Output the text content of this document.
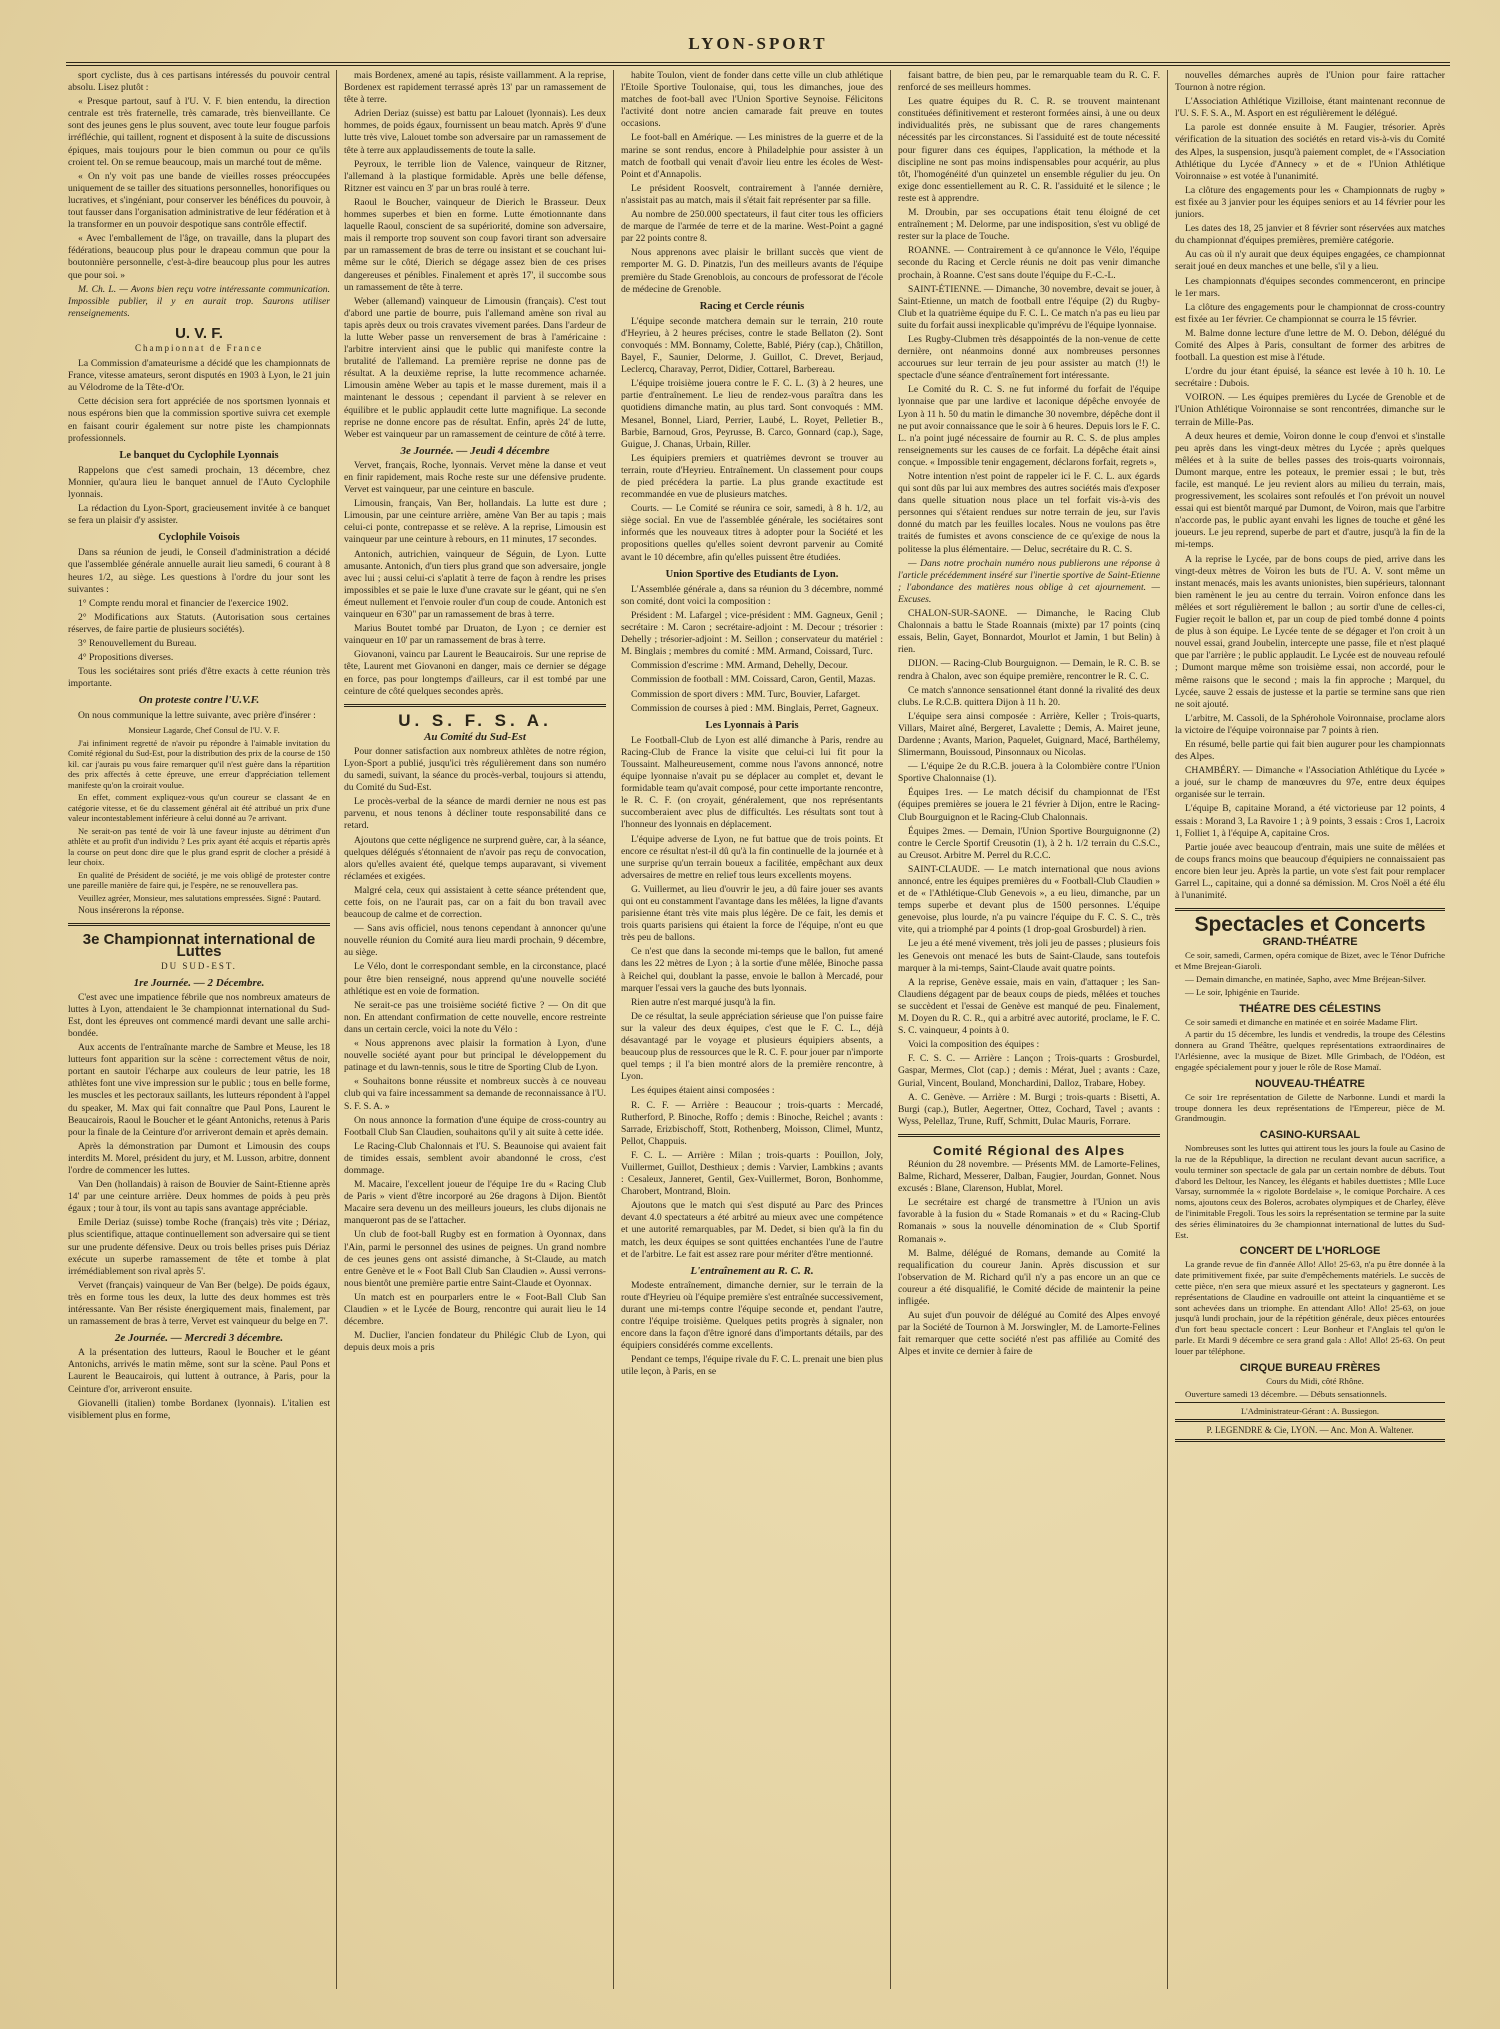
LYON-SPORT

sport cycliste, dus à ces partisans intéressés du pouvoir central absolu. Lisez plutôt :

« Presque partout, sauf à l'U. V. F. bien entendu, la direction centrale est très fraternelle, très camarade, très bienveillante. Ce sont des jeunes gens le plus souvent, avec toute leur fougue parfois irréfléchie, qui taillent, rognent et disposent à la suite de discussions épiques, mais toujours pour le bien commun ou pour ce qu'ils croient tel. On se remue beaucoup, mais un marché tout de même.

« On n'y voit pas une bande de vieilles rosses préoccupées uniquement de se tailler des situations personnelles, honorifiques ou lucratives, et s'ingéniant, pour conserver les bénéfices du pouvoir, à tout fausser dans l'organisation administrative de leur fédération et à la transformer en un pouvoir despotique sans contrôle effectif.

« Avec l'emballement de l'âge, on travaille, dans la plupart des fédérations, beaucoup plus pour le drapeau commun que pour la boutonnière personnelle, c'est-à-dire beaucoup plus pour les autres que pour soi. »

M. Ch. L. — Avons bien reçu votre intéressante communication. Impossible publier, il y en aurait trop. Saurons utiliser renseignements.

U. V. F.
Championnat de France

La Commission d'amateurisme a décidé que les championnats de France, vitesse amateurs, seront disputés en 1903 à Lyon, le 21 juin au Vélodrome de la Tête-d'Or.

Cette décision sera fort appréciée de nos sportsmen lyonnais et nous espérons bien que la commission sportive suivra cet exemple en faisant courir également sur notre piste les championnats professionnels.

Le banquet du Cyclophile Lyonnais

Rappelons que c'est samedi prochain, 13 décembre, chez Monnier, qu'aura lieu le banquet annuel de l'Auto Cyclophile lyonnais.

La rédaction du Lyon-Sport, gracieusement invitée à ce banquet se fera un plaisir d'y assister.

Cyclophile Voisois

Dans sa réunion de jeudi, le Conseil d'administration a décidé que l'assemblée générale annuelle aurait lieu samedi, 6 courant à 8 heures 1/2, au siège. Les questions à l'ordre du jour sont les suivantes :

1° Compte rendu moral et financier de l'exercice 1902.

2° Modifications aux Statuts. (Autorisation sous certaines réserves, de faire partie de plusieurs sociétés).

3° Renouvellement du Bureau.

4° Propositions diverses.

Tous les sociétaires sont priés d'être exacts à cette réunion très importante.

On proteste contre l'U.V.F.

On nous communique la lettre suivante, avec prière d'insérer :

Monsieur Lagarde, Chef Consul de l'U. V. F.

J'ai infiniment regretté de n'avoir pu répondre à l'aimable invitation du Comité régional du Sud-Est, pour la distribution des prix de la course de 150 kil. car j'aurais pu vous faire remarquer qu'il n'est guère dans la répartition des prix affectés à cette épreuve, une erreur d'appréciation tellement manifeste qu'on la croirait voulue.

En effet, comment expliquez-vous qu'un coureur se classant 4e en catégorie vitesse, et 6e du classement général ait été attribué un prix d'une valeur incontestablement inférieure à celui donné au 7e arrivant.

Ne serait-on pas tenté de voir là une faveur injuste au détriment d'un athlète et au profit d'un individu ? Les prix ayant été acquis et répartis après la course on peut donc dire que le plus grand esprit de clocher a présidé à leur choix.

En qualité de Président de société, je me vois obligé de protester contre une pareille manière de faire qui, je l'espère, ne se renouvellera pas.

Veuillez agréer, Monsieur, mes salutations empressées. Signé : Pautard.

Nous insérerons la réponse.

3e Championnat international de Luttes
DU SUD-EST.
1re Journée. — 2 Décembre.

C'est avec une impatience fébrile que nos nombreux amateurs de luttes à Lyon, attendaient le 3e championnat international du Sud-Est, dont les épreuves ont commencé mardi devant une salle archi-bondée.

Aux accents de l'entraînante marche de Sambre et Meuse, les 18 lutteurs font apparition sur la scène : correctement vêtus de noir, portant en sautoir l'écharpe aux couleurs de leur patrie, les 18 athlètes font une vive impression sur le public ; tous en belle forme, les muscles et les pectoraux saillants, les lutteurs répondent à l'appel du speaker, M. Max qui fait connaître que Paul Pons, Laurent le Beaucairois, Raoul le Boucher et le géant Antonichs, retenus à Paris pour la finale de la Ceinture d'or arriveront demain et après demain.

Après la démonstration par Dumont et Limousin des coups interdits M. Morel, président du jury, et M. Lusson, arbitre, donnent l'ordre de commencer les luttes.

Van Den (hollandais) à raison de Bouvier de Saint-Etienne après 14' par une ceinture arrière. Deux hommes de poids à peu près égaux ; tour à tour, ils vont au tapis sans avantage appréciable.

Emile Deriaz (suisse) tombe Roche (français) très vite ; Dériaz, plus scientifique, attaque continuellement son adversaire qui se tient sur une prudente défensive. Deux ou trois belles prises puis Dériaz exécute un superbe ramassement de tête et tombe à plat irrémédiablement son rival après 5'.

Vervet (français) vainqueur de Van Ber (belge). De poids égaux, très en forme tous les deux, la lutte des deux hommes est très intéressante. Van Ber résiste énergiquement mais, finalement, par un ramassement de bras à terre, Vervet est vainqueur du belge en 7'.

2e Journée. — Mercredi 3 décembre.

A la présentation des lutteurs, Raoul le Boucher et le géant Antonichs, arrivés le matin même, sont sur la scène. Paul Pons et Laurent le Beaucairois, qui luttent à outrance, à Paris, pour la Ceinture d'or, arriveront ensuite.

Giovanelli (italien) tombe Bordanex (lyonnais). L'italien est visiblement plus en forme,

mais Bordenex, amené au tapis, résiste vaillamment. A la reprise, Bordenex est rapidement terrassé après 13' par un ramassement de tête à terre.

Adrien Deriaz (suisse) est battu par Lalouet (lyonnais). Les deux hommes, de poids égaux, fournissent un beau match. Après 9' d'une lutte très vive, Lalouet tombe son adversaire par un ramassement de tête à terre aux applaudissements de toute la salle.

Peyroux, le terrible lion de Valence, vainqueur de Ritzner, l'allemand à la plastique formidable. Après une belle défense, Ritzner est vaincu en 3' par un bras roulé à terre.

Raoul le Boucher, vainqueur de Dierich le Brasseur. Deux hommes superbes et bien en forme. Lutte émotionnante dans laquelle Raoul, conscient de sa supériorité, domine son adversaire, mais il remporte trop souvent son coup favori tirant son adversaire par un ramassement de bras de terre ou insistant et se couchant lui-même sur le côté, Dierich se dégage assez bien de ces prises dangereuses et pénibles. Finalement et après 17', il succombe sous un ramassement de tête à terre.

Weber (allemand) vainqueur de Limousin (français). C'est tout d'abord une partie de bourre, puis l'allemand amène son rival au tapis après deux ou trois cravates vivement parées. Dans l'ardeur de la lutte Weber passe un renversement de bras à l'américaine : l'arbitre intervient ainsi que le public qui manifeste contre la brutalité de l'allemand. La première reprise ne donne pas de résultat. A la deuxième reprise, la lutte recommence acharnée. Limousin amène Weber au tapis et le masse durement, mais il a maintenant le dessous ; cependant il parvient à se relever en équilibre et le public applaudit cette lutte magnifique. La seconde reprise ne donne encore pas de résultat. Enfin, après 24' de lutte, Weber est vainqueur par un ramassement de ceinture de côté à terre.

3e Journée. — Jeudi 4 décembre

Vervet, français, Roche, lyonnais. Vervet mène la danse et veut en finir rapidement, mais Roche reste sur une défensive prudente. Vervet est vainqueur, par une ceinture en bascule.

Limousin, français, Van Ber, hollandais. La lutte est dure ; Limousin, par une ceinture arrière, amène Van Ber au tapis ; mais celui-ci ponte, contrepasse et se relève. A la reprise, Limousin est vainqueur par une ceinture à rebours, en 11 minutes, 17 secondes.

Antonich, autrichien, vainqueur de Séguin, de Lyon. Lutte amusante. Antonich, d'un tiers plus grand que son adversaire, jongle avec lui ; aussi celui-ci s'aplatit à terre de façon à rendre les prises impossibles et se paie le luxe d'une cravate sur le géant, qui ne s'en émeut nullement et l'envoie rouler d'un coup de coude. Antonich est vainqueur en 6'30" par un ramassement de bras à terre.

Marius Boutet tombé par Druaton, de Lyon ; ce dernier est vainqueur en 10' par un ramassement de bras à terre.

Giovanoni, vaincu par Laurent le Beaucairois. Sur une reprise de tête, Laurent met Giovanoni en danger, mais ce dernier se dégage en force, pas pour longtemps d'ailleurs, car il est tombé par une ceinture de côté quelques secondes après.

U. S. F. S. A.
Au Comité du Sud-Est

Pour donner satisfaction aux nombreux athlètes de notre région, Lyon-Sport a publié, jusqu'ici très régulièrement dans son numéro du samedi, suivant, la séance du procès-verbal, toujours si attendu, du Comité du Sud-Est.

Le procès-verbal de la séance de mardi dernier ne nous est pas parvenu, et nous tenons à décliner toute responsabilité dans ce retard.

Ajoutons que cette négligence ne surprend guère, car, à la séance, quelques délégués s'étonnaient de n'avoir pas reçu de convocation, alors qu'elles avaient été, quelque temps auparavant, si vivement réclamées et exigées.

Malgré cela, ceux qui assistaient à cette séance prétendent que, cette fois, on ne l'aurait pas, car on a fait du bon travail avec beaucoup de calme et de correction.

— Sans avis officiel, nous tenons cependant à annoncer qu'une nouvelle réunion du Comité aura lieu mardi prochain, 9 décembre, au siège.

Le Vélo, dont le correspondant semble, en la circonstance, placé pour être bien renseigné, nous apprend qu'une nouvelle société athlétique est en voie de formation.

Ne serait-ce pas une troisième société fictive ? — On dit que non. En attendant confirmation de cette nouvelle, encore restreinte dans un certain cercle, voici la note du Vélo :

« Nous apprenons avec plaisir la formation à Lyon, d'une nouvelle société ayant pour but principal le développement du patinage et du lawn-tennis, sous le titre de Sporting Club de Lyon.

« Souhaitons bonne réussite et nombreux succès à ce nouveau club qui va faire incessamment sa demande de reconnaissance à l'U. S. F. S. A. »

On nous annonce la formation d'une équipe de cross-country au Football Club San Claudien, souhaitons qu'il y ait suite à cette idée.

Le Racing-Club Chalonnais et l'U. S. Beaunoise qui avaient fait de timides essais, semblent avoir abandonné le cross, c'est dommage.

M. Macaire, l'excellent joueur de l'équipe 1re du « Racing Club de Paris » vient d'être incorporé au 26e dragons à Dijon. Bientôt Macaire sera devenu un des meilleurs joueurs, les clubs dijonais ne manqueront pas de se l'attacher.

Un club de foot-ball Rugby est en formation à Oyonnax, dans l'Ain, parmi le personnel des usines de peignes. Un grand nombre de ces jeunes gens ont assisté dimanche, à St-Claude, au match entre Genève et le « Foot Ball Club San Claudien ». Aussi verrons-nous bientôt une première partie entre Saint-Claude et Oyonnax.

Un match est en pourparlers entre le « Foot-Ball Club San Claudien » et le Lycée de Bourg, rencontre qui aurait lieu le 14 décembre.

M. Duclier, l'ancien fondateur du Philégic Club de Lyon, qui depuis deux mois a pris

habite Toulon, vient de fonder dans cette ville un club athlétique l'Etoile Sportive Toulonaise, qui, tous les dimanches, joue des matches de foot-ball avec l'Union Sportive Seynoise. Félicitons l'activité dont notre ancien camarade fait preuve en toutes occasions.

Le foot-ball en Amérique. — Les ministres de la guerre et de la marine se sont rendus, encore à Philadelphie pour assister à un match de football qui venait d'avoir lieu entre les écoles de West-Point et d'Annapolis.

Le président Roosvelt, contrairement à l'année dernière, n'assistait pas au match, mais il s'était fait représenter par sa fille.

Au nombre de 250.000 spectateurs, il faut citer tous les officiers de marque de l'armée de terre et de la marine. West-Point a gagné par 22 points contre 8.

Nous apprenons avec plaisir le brillant succès que vient de remporter M. G. D. Pinatzis, l'un des meilleurs avants de l'équipe première du Stade Grenoblois, au concours de professorat de l'école de médecine de Grenoble.

Racing et Cercle réunis

L'équipe seconde matchera demain sur le terrain, 210 route d'Heyrieu, à 2 heures précises, contre le stade Bellaton (2). Sont convoqués : MM. Bonnamy, Colette, Bablé, Piéry (cap.), Châtillon, Bayel, F., Saunier, Delorme, J. Guillot, C. Drevet, Berjaud, Leclercq, Charavay, Perrot, Didier, Cottarel, Barbereau.

L'équipe troisième jouera contre le F. C. L. (3) à 2 heures, une partie d'entraînement. Le lieu de rendez-vous paraîtra dans les quotidiens dimanche matin, au plus tard. Sont convoqués : MM. Mesanel, Bonnel, Liard, Perrier, Laubé, L. Royet, Pelletier B., Barbie, Barnoud, Gros, Peyrusse, B. Carco, Gonnard (cap.), Sage, Guigue, J. Chanas, Urbain, Riller.

Les équipiers premiers et quatrièmes devront se trouver au terrain, route d'Heyrieu. Entraînement. Un classement pour coups de pied précédera la partie. La plus grande exactitude est recommandée en vue de plusieurs matches.

Courts. — Le Comité se réunira ce soir, samedi, à 8 h. 1/2, au siège social. En vue de l'assemblée générale, les sociétaires sont informés que les nouveaux titres à adopter pour la Société et les propositions quelles qu'elles soient devront parvenir au Comité avant le 10 décembre, afin qu'elles puissent être étudiées.

Union Sportive des Etudiants de Lyon.

L'Assemblée générale a, dans sa réunion du 3 décembre, nommé son comité, dont voici la composition :

Président : M. Lafargel ; vice-président : MM. Gagneux, Genil ; secrétaire : M. Caron ; secrétaire-adjoint : M. Decour ; trésorier : Dehelly ; trésorier-adjoint : M. Seillon ; conservateur du matériel : M. Binglais ; membres du comité : MM. Armand, Coissard, Turc.

Commission d'escrime : MM. Armand, Dehelly, Decour.

Commission de football : MM. Coissard, Caron, Gentil, Mazas.

Commission de sport divers : MM. Turc, Bouvier, Lafarget.

Commission de courses à pied : MM. Binglais, Perret, Gagneux.

Les Lyonnais à Paris

Le Football-Club de Lyon est allé dimanche à Paris, rendre au Racing-Club de France la visite que celui-ci lui fit pour la Toussaint. Malheureusement, comme nous l'avons annoncé, notre équipe lyonnaise n'avait pu se déplacer au complet et, devant le formidable team qu'avait composé, pour cette importante rencontre, le R. C. F. (on croyait, généralement, que nos représentants succomberaient avec plus de difficultés. Les résultats sont tout à l'honneur des lyonnais en déplacement.

L'équipe adverse de Lyon, ne fut battue que de trois points. Et encore ce résultat n'est-il dû qu'à la fin continuelle de la journée et à une surprise qu'un terrain boueux a facilitée, empêchant aux deux adversaires de mettre en relief tous leurs excellents moyens.

G. Vuillermet, au lieu d'ouvrir le jeu, a dû faire jouer ses avants qui ont eu constamment l'avantage dans les mêlées, la ligne d'avants parisienne étant très vite mais plus légère. De ce fait, les demis et trois quarts parisiens qui étaient la force de l'équipe, n'ont eu que très peu de ballons.

Ce n'est que dans la seconde mi-temps que le ballon, fut amené dans les 22 mètres de Lyon ; à la sortie d'une mêlée, Binoche passa à Reichel qui, doublant la passe, envoie le ballon à Mercadé, pour marquer l'essai vers la gauche des buts lyonnais.

Rien autre n'est marqué jusqu'à la fin.

De ce résultat, la seule appréciation sérieuse que l'on puisse faire sur la valeur des deux équipes, c'est que le F. C. L., déjà désavantagé par le voyage et plusieurs équipiers absents, a beaucoup plus de ressources que le R. C. F. pour jouer par n'importe quel temps ; il l'a bien montré alors de la première rencontre, à Lyon.

Les équipes étaient ainsi composées :

R. C. F. — Arrière : Beaucour ; trois-quarts : Mercadé, Rutherford, P. Binoche, Roffo ; demis : Binoche, Reichel ; avants : Sarrade, Erizbischoff, Stott, Rothenberg, Moisson, Climel, Muntz, Pellot, Chappuis.

F. C. L. — Arrière : Milan ; trois-quarts : Pouillon, Joly, Vuillermet, Guillot, Desthieux ; demis : Varvier, Lambkins ; avants : Cesaleux, Janneret, Gentil, Gex-Vuillermet, Boron, Bonhomme, Charobert, Montrand, Bloin.

Ajoutons que le match qui s'est disputé au Parc des Princes devant 4.0 spectateurs a été arbitré au mieux avec une compétence et une autorité remarquables, par M. Dedet, si bien qu'à la fin du match, les deux équipes se sont quittées enchantées l'une de l'autre et de l'arbitre. Le fait est assez rare pour mériter d'être mentionné.

L'entraînement au R. C. R.

Modeste entraînement, dimanche dernier, sur le terrain de la route d'Heyrieu où l'équipe première s'est entraînée successivement, durant une mi-temps contre l'équipe seconde et, pendant l'autre, contre l'équipe troisième. Quelques petits progrès à signaler, non encore dans la façon d'être ignoré dans d'importants détails, par des équipiers considérés comme excellents.

Pendant ce temps, l'équipe rivale du F. C. L. prenait une bien plus utile leçon, à Paris, en se

faisant battre, de bien peu, par le remarquable team du R. C. F. renforcé de ses meilleurs hommes.

Les quatre équipes du R. C. R. se trouvent maintenant constituées définitivement et resteront formées ainsi, à une ou deux individualités près, ne subissant que de rares changements nécessités par les circonstances. Si l'assiduité est de toute nécessité pour figurer dans ces équipes, l'application, la méthode et la discipline ne sont pas moins indispensables pour acquérir, au plus tôt, l'homogénéité d'un quinzetel un ensemble régulier du jeu. On exige donc essentiellement au R. C. R. l'assiduité et le silence ; le reste est à apprendre.

M. Droubin, par ses occupations était tenu éloigné de cet entraînement ; M. Delorme, par une indisposition, s'est vu obligé de rester sur la place de Touche.

ROANNE. — Contrairement à ce qu'annonce le Vélo, l'équipe seconde du Racing et Cercle réunis ne doit pas venir dimanche prochain, à Roanne. C'est sans doute l'équipe du F.-C.-L.

SAINT-ÉTIENNE. — Dimanche, 30 novembre, devait se jouer, à Saint-Etienne, un match de football entre l'équipe (2) du Rugby-Club et la quatrième équipe du F. C. L. Ce match n'a pas eu lieu par suite du forfait aussi inexplicable qu'imprévu de l'équipe lyonnaise.

Les Rugby-Clubmen très désappointés de la non-venue de cette dernière, ont néanmoins donné aux nombreuses personnes accourues sur leur terrain de jeu pour assister au match (!!) le spectacle d'une séance d'entraînement fort intéressante.

Le Comité du R. C. S. ne fut informé du forfait de l'équipe lyonnaise que par une lardive et laconique dépêche envoyée de Lyon à 11 h. 50 du matin le dimanche 30 novembre, dépêche dont il ne put avoir connaissance que le soir à 6 heures. Depuis lors le F. C. L. n'a point jugé nécessaire de fournir au R. C. S. de plus amples renseignements sur les causes de ce forfait. La dépêche était ainsi conçue. « Impossible tenir engagement, déclarons forfait, regrets »,

Notre intention n'est point de rappeler ici le F. C. L. aux égards qui sont dûs par lui aux membres des autres sociétés mais d'exposer dans quelle situation nous place un tel forfait vis-à-vis des personnes qui s'étaient rendues sur notre terrain de jeu, sur l'avis donné du match par les feuilles locales. Nous ne voulons pas être traités de fumistes et avons conscience de ce qu'exige de nous la politesse la plus élémentaire. — Deluc, secrétaire du R. C. S.

— Dans notre prochain numéro nous publierons une réponse à l'article précédemment inséré sur l'inertie sportive de Saint-Etienne ; l'abondance des matières nous oblige à cet ajournement. — Excuses.

CHALON-SUR-SAONE. — Dimanche, le Racing Club Chalonnais a battu le Stade Roannais (mixte) par 17 points (cinq essais, Belin, Gayet, Bonnardot, Mourlot et Jamin, 1 but Belin) à rien.

DIJON. — Racing-Club Bourguignon. — Demain, le R. C. B. se rendra à Chalon, avec son équipe première, rencontrer le R. C. C.

Ce match s'annonce sensationnel étant donné la rivalité des deux clubs. Le R.C.B. quittera Dijon à 11 h. 20.

L'équipe sera ainsi composée : Arrière, Keller ; Trois-quarts, Villars, Mairet aîné, Bergeret, Lavalette ; Demis, A. Mairet jeune, Dardenne ; Avants, Marion, Paquelet, Guignard, Macé, Barthélemy, Slimermann, Bouissoud, Pinsonnaux ou Nicolas.

— L'équipe 2e du R.C.B. jouera à la Colombière contre l'Union Sportive Chalonnaise (1).

Équipes 1res. — Le match décisif du championnat de l'Est (équipes premières se jouera le 21 février à Dijon, entre le Racing-Club Bourguignon et le Racing-Club Chalonnais.

Équipes 2mes. — Demain, l'Union Sportive Bourguignonne (2) contre le Cercle Sportif Creusotin (1), à 2 h. 1/2 terrain du C.S.C., au Creusot. Arbitre M. Perrel du R.C.C.

SAINT-CLAUDE. — Le match international que nous avions annoncé, entre les équipes premières du « Football-Club Claudien » et de « l'Athlétique-Club Genevois », a eu lieu, dimanche, par un temps superbe et devant plus de 1500 personnes. L'équipe genevoise, plus lourde, n'a pu vaincre l'équipe du F. C. S. C., très vite, qui a triomphé par 4 points (1 drop-goal Grosburdel) à rien.

Le jeu a été mené vivement, très joli jeu de passes ; plusieurs fois les Genevois ont menacé les buts de Saint-Claude, sans toutefois marquer à la mi-temps, Saint-Claude avait quatre points.

A la reprise, Genève essaie, mais en vain, d'attaquer ; les San-Claudiens dégagent par de beaux coups de pieds, mêlées et touches se succèdent et l'essai de Genève est manqué de peu. Finalement, M. Doyen du R. C. R., qui a arbitré avec autorité, proclame, le F. C. S. C. vainqueur, 4 points à 0.

Voici la composition des équipes :

F. C. S. C. — Arrière : Lançon ; Trois-quarts : Grosburdel, Gaspar, Mermes, Clot (cap.) ; demis : Mérat, Juel ; avants : Caze, Gurial, Vincent, Bouland, Monchardini, Dalloz, Trabare, Hobey.

A. C. Genève. — Arrière : M. Burgi ; trois-quarts : Bisetti, A. Burgi (cap.), Butler, Aegertner, Ottez, Cochard, Tavel ; avants : Wyss, Pelellaz, Trune, Ruff, Schmitt, Dulac Mauris, Forrare.

Comité Régional des Alpes

Réunion du 28 novembre. — Présents MM. de Lamorte-Felines, Balme, Richard, Messerer, Dalban, Faugier, Jourdan, Gonnet. Nous excusés : Blane, Clarenson, Hublat, Morel.

Le secrétaire est chargé de transmettre à l'Union un avis favorable à la fusion du « Stade Romanais » et du « Racing-Club Romanais » sous la nouvelle dénomination de « Club Sportif Romanais ».

M. Balme, délégué de Romans, demande au Comité la requalification du coureur Janin. Après discussion et sur l'observation de M. Richard qu'il n'y a pas encore un an que ce coureur a été disqualifié, le Comité décide de maintenir la peine infligée.

Au sujet d'un pouvoir de délégué au Comité des Alpes envoyé par la Société de Tournon à M. Jorswingler, M. de Lamorte-Felines fait remarquer que cette société n'est pas affiliée au Comité des Alpes et invite ce dernier à faire de

nouvelles démarches auprès de l'Union pour faire rattacher Tournon à notre région.

L'Association Athlétique Vizilloise, étant maintenant reconnue de l'U. S. F. S. A., M. Asport en est régulièrement le délégué.

La parole est donnée ensuite à M. Faugier, trésorier. Après vérification de la situation des sociétés en retard vis-à-vis du Comité des Alpes, la suspension, jusqu'à paiement complet, de « l'Association Athlétique du Lycée d'Annecy » et de « l'Union Athlétique Voironnaise » est votée à l'unanimité.

La clôture des engagements pour les « Championnats de rugby » est fixée au 3 janvier pour les équipes seniors et au 14 février pour les juniors.

Les dates des 18, 25 janvier et 8 février sont réservées aux matches du championnat d'équipes premières, première catégorie.

Au cas où il n'y aurait que deux équipes engagées, ce championnat serait joué en deux manches et une belle, s'il y a lieu.

Les championnats d'équipes secondes commenceront, en principe le 1er mars.

La clôture des engagements pour le championnat de cross-country est fixée au 1er février. Ce championnat se courra le 15 février.

M. Balme donne lecture d'une lettre de M. O. Debon, délégué du Comité des Alpes à Paris, consultant de former des arbitres de football. La question est mise à l'étude.

L'ordre du jour étant épuisé, la séance est levée à 10 h. 10. Le secrétaire : Dubois.

VOIRON. — Les équipes premières du Lycée de Grenoble et de l'Union Athlétique Voironnaise se sont rencontrées, dimanche sur le terrain de Mille-Pas.

A deux heures et demie, Voiron donne le coup d'envoi et s'installe peu après dans les vingt-deux mètres du Lycée ; après quelques mêlées et à la suite de belles passes des trois-quarts voironnais, Dumont marque, entre les poteaux, le premier essai ; le but, très facile, est manqué. Le jeu revient alors au milieu du terrain, mais, progressivement, les scolaires sont refoulés et l'on prévoit un nouvel essai qui est bientôt marqué par Dumont, de Voiron, mais que l'arbitre n'accorde pas, le public ayant envahi les lignes de touche et gêné les joueurs. Le jeu reprend, superbe de part et d'autre, jusqu'à la fin de la mi-temps.

A la reprise le Lycée, par de bons coups de pied, arrive dans les vingt-deux mètres de Voiron les buts de l'U. A. V. sont même un instant menacés, mais les avants unionistes, bien supérieurs, talonnant bien ramènent le jeu au centre du terrain. Voiron enfonce dans les mêlées et sort régulièrement le ballon ; au sortir d'une de celles-ci, Fugier reçoit le ballon et, par un coup de pied tombé donne 4 points de plus à son équipe. Le Lycée tente de se dégager et l'on croit à un nouvel essai, grand Joubelin, intercepte une passe, file et n'est plaqué que par l'arrière ; le public applaudit. Le Lycée est de nouveau refoulé ; Dumont marque même son troisième essai, non accordé, pour le même raisons que le second ; mais la fin approche ; Marquel, du Lycée, sauve 2 essais de justesse et la partie se termine sans que rien ne soit ajouté.

L'arbitre, M. Cassoli, de la Sphérohole Voironnaise, proclame alors la victoire de l'équipe voironnaise par 7 points à rien.

En résumé, belle partie qui fait bien augurer pour les championnats des Alpes.

CHAMBÉRY. — Dimanche « l'Association Athlétique du Lycée » a joué, sur le champ de manœuvres du 97e, entre deux équipes organisée sur le terrain.

L'équipe B, capitaine Morand, a été victorieuse par 12 points, 4 essais : Morand 3, La Ravoire 1 ; à 9 points, 3 essais : Cros 1, Lacroix 1, Folliet 1, à l'équipe A, capitaine Cros.

Partie jouée avec beaucoup d'entrain, mais une suite de mêlées et de coups francs moins que beaucoup d'équipiers ne connaissaient pas encore bien leur jeu. Après la partie, un vote s'est fait pour remplacer Garrel L., capitaine, qui a donné sa démission. M. Cros Noël a été élu à l'unanimité.

Spectacles et Concerts
GRAND-THÉATRE

Ce soir, samedi, Carmen, opéra comique de Bizet, avec le Ténor Dufriche et Mme Brejean-Giaroli.

— Demain dimanche, en matinée, Sapho, avec Mme Bréjean-Silver.

— Le soir, Iphigénie en Tauride.

THÉATRE DES CÉLESTINS

Ce soir samedi et dimanche en matinée et en soirée Madame Flirt.

A partir du 15 décembre, les lundis et vendredis, la troupe des Célestins donnera au Grand Théâtre, quelques représentations extraordinaires de l'Arlésienne, avec la musique de Bizet. Mlle Grimbach, de l'Odéon, est engagée spécialement pour y jouer le rôle de Rose Mamaï.

NOUVEAU-THÉATRE

Ce soir 1re représentation de Gilette de Narbonne. Lundi et mardi la troupe donnera les deux représentations de l'Empereur, pièce de M. Grandmougin.

CASINO-KURSAAL

Nombreuses sont les luttes qui attirent tous les jours la foule au Casino de la rue de la République, la direction ne reculant devant aucun sacrifice, a voulu terminer son spectacle de gala par un certain nombre de débuts. Tout d'abord les Deltour, les Nancey, les élégants et habiles duettistes ; Mlle Luce Varsay, surnommée la « rigolote Bordelaise », le comique Porchaire. A ces noms, ajoutons ceux des Boleros, acrobates olympiques et de Charley, élève de l'inimitable Fregoli. Tous les soirs la représentation se termine par la suite des séries éliminatoires du 3e championnat international de luttes du Sud-Est.

CONCERT DE L'HORLOGE

La grande revue de fin d'année Allo! Allo! 25-63, n'a pu être donnée à la date primitivement fixée, par suite d'empêchements matériels. Le succès de cette pièce, n'en sera que mieux assuré et les spectateurs y gagneront. Les représentations de Claudine en vadrouille ont atteint la cinquantième et se sont achevées dans un triomphe. En attendant Allo! Allo! 25-63, on joue jusqu'à lundi prochain, jour de la répétition générale, deux pièces entourées d'un fort beau spectacle concert : Leur Bonheur et l'Anglais tel qu'on le parle. Et Mardi 9 décembre ce sera grand gala : Allo! Allo! 25-63. On peut louer par téléphone.

CIRQUE BUREAU FRÈRES

Cours du Midi, côté Rhône.

Ouverture samedi 13 décembre. — Débuts sensationnels.

L'Administrateur-Gérant : A. Bussiegon.
P. LEGENDRE & Cie, LYON. — Anc. Mon A. Waltener.
